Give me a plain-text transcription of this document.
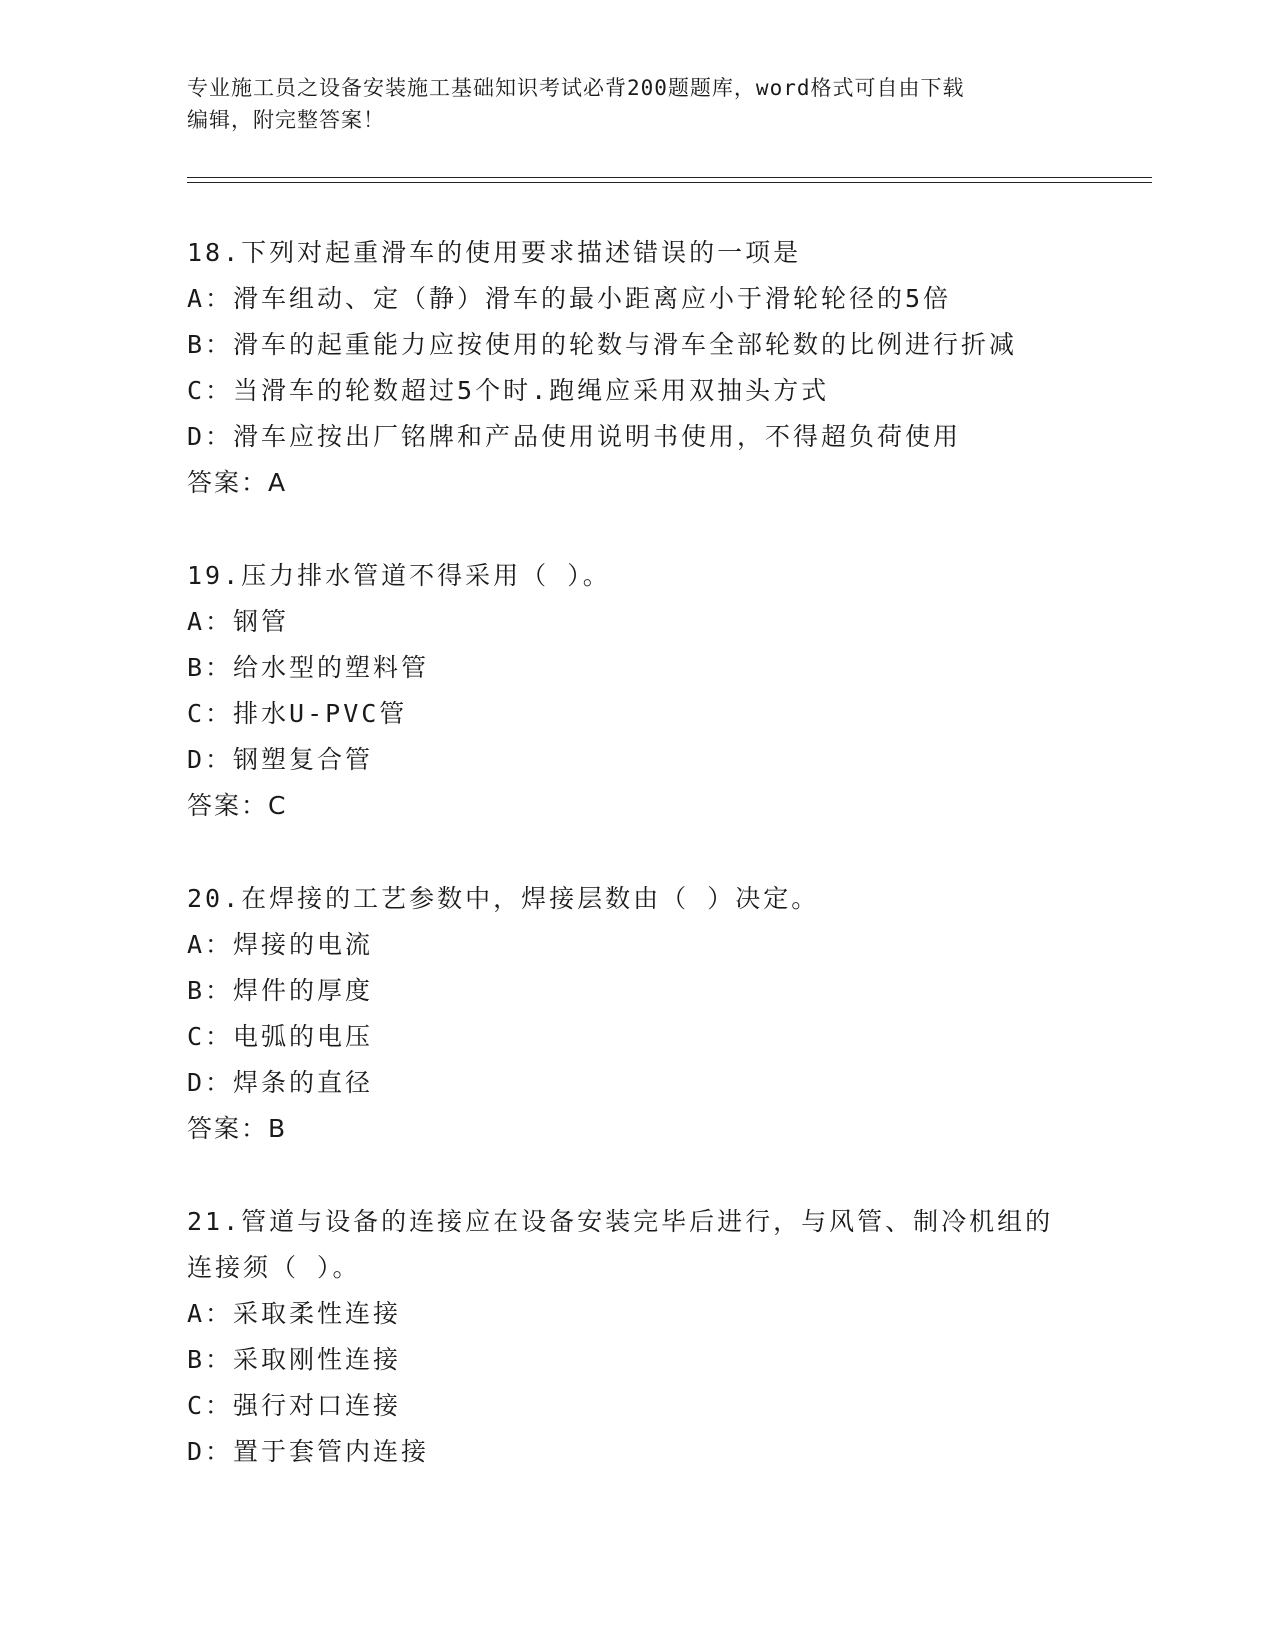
专业施工员之设备安装施工基础知识考试必背200题题库，word格式可自由下载
编辑，附完整答案！
18.下列对起重滑车的使用要求描述错误的一项是
A：滑车组动、定（静）滑车的最小距离应小于滑轮轮径的5倍
B：滑车的起重能力应按使用的轮数与滑车全部轮数的比例进行折减
C：当滑车的轮数超过5个时.跑绳应采用双抽头方式
D：滑车应按出厂铭牌和产品使用说明书使用，不得超负荷使用
答案：A
19.压力排水管道不得采用（ ）。
A：钢管
B：给水型的塑料管
C：排水U-PVC管
D：钢塑复合管
答案：C
20.在焊接的工艺参数中，焊接层数由（ ）决定。
A：焊接的电流
B：焊件的厚度
C：电弧的电压
D：焊条的直径
答案：B
21.管道与设备的连接应在设备安装完毕后进行，与风管、制冷机组的
连接须（ ）。
A：采取柔性连接
B：采取刚性连接
C：强行对口连接
D：置于套管内连接
